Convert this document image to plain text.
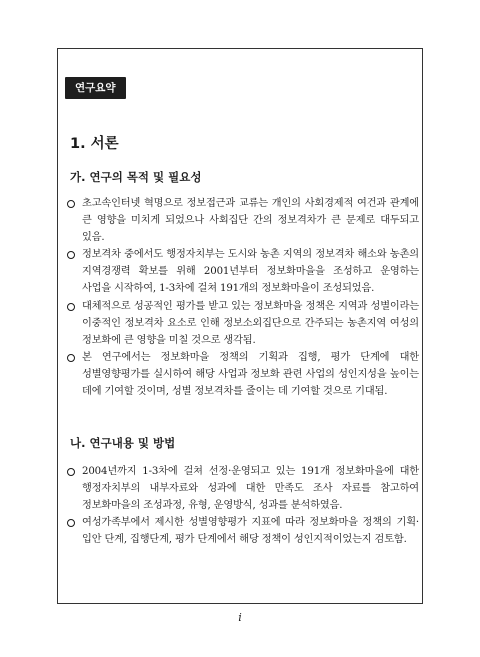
연구요약
1. 서론
가. 연구의 목적 및 필요성
초고속인터넷 혁명으로 정보접근과 교류는 개인의 사회경제적 여건과 관계에 큰 영향을 미치게 되었으나 사회집단 간의 정보격차가 큰 문제로 대두되고 있음.
정보격차 중에서도 행정자치부는 도시와 농촌 지역의 정보격차 해소와 농촌의 지역경쟁력 확보를 위해 2001년부터 정보화마을을 조성하고 운영하는 사업을 시작하여, 1-3차에 걸쳐 191개의 정보화마을이 조성되었음.
대체적으로 성공적인 평가를 받고 있는 정보화마을 정책은 지역과 성별이라는 이중적인 정보격차 요소로 인해 정보소외집단으로 간주되는 농촌지역 여성의 정보화에 큰 영향을 미칠 것으로 생각됨.
본 연구에서는 정보화마을 정책의 기획과 집행, 평가 단계에 대한 성별영향평가를 실시하여 해당 사업과 정보화 관련 사업의 성인지성을 높이는 데에 기여할 것이며, 성별 정보격차를 줄이는 데 기여할 것으로 기대됨.
나. 연구내용 및 방법
2004년까지 1-3차에 걸쳐 선정·운영되고 있는 191개 정보화마을에 대한 행정자치부의 내부자료와 성과에 대한 만족도 조사 자료를 참고하여 정보화마을의 조성과정, 유형, 운영방식, 성과를 분석하였음.
여성가족부에서 제시한 성별영향평가 지표에 따라 정보화마을 정책의 기획·입안 단계, 집행단계, 평가 단계에서 해당 정책이 성인지적이었는지 검토함.
i
